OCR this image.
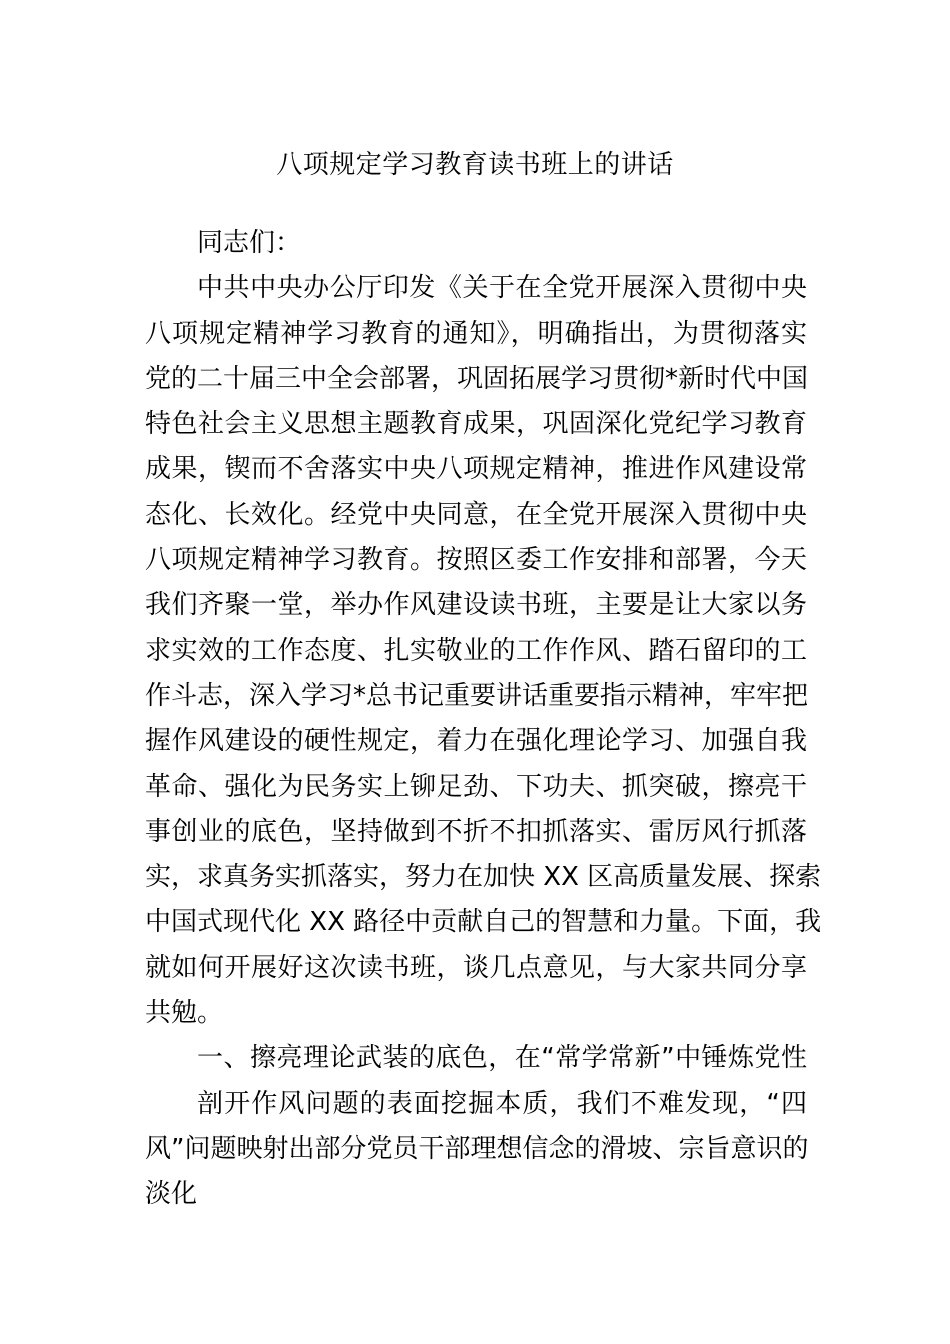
八项规定学习教育读书班上的讲话
同志们：
中共中央办公厅印发《关于在全党开展深入贯彻中央
八项规定精神学习教育的通知》，明确指出，为贯彻落实
党的二十届三中全会部署，巩固拓展学习贯彻*新时代中国
特色社会主义思想主题教育成果，巩固深化党纪学习教育
成果，锲而不舍落实中央八项规定精神，推进作风建设常
态化、长效化。经党中央同意，在全党开展深入贯彻中央
八项规定精神学习教育。按照区委工作安排和部署，今天
我们齐聚一堂，举办作风建设读书班，主要是让大家以务
求实效的工作态度、扎实敬业的工作作风、踏石留印的工
作斗志，深入学习*总书记重要讲话重要指示精神，牢牢把
握作风建设的硬性规定，着力在强化理论学习、加强自我
革命、强化为民务实上铆足劲、下功夫、抓突破，擦亮干
事创业的底色，坚持做到不折不扣抓落实、雷厉风行抓落
实，求真务实抓落实，努力在加快 XX 区高质量发展、探索
中国式现代化 XX 路径中贡献自己的智慧和力量。下面，我
就如何开展好这次读书班，谈几点意见，与大家共同分享
共勉。
一、擦亮理论武装的底色，在“常学常新”中锤炼党性
剖开作风问题的表面挖掘本质，我们不难发现，“四
风”问题映射出部分党员干部理想信念的滑坡、宗旨意识的
淡化
